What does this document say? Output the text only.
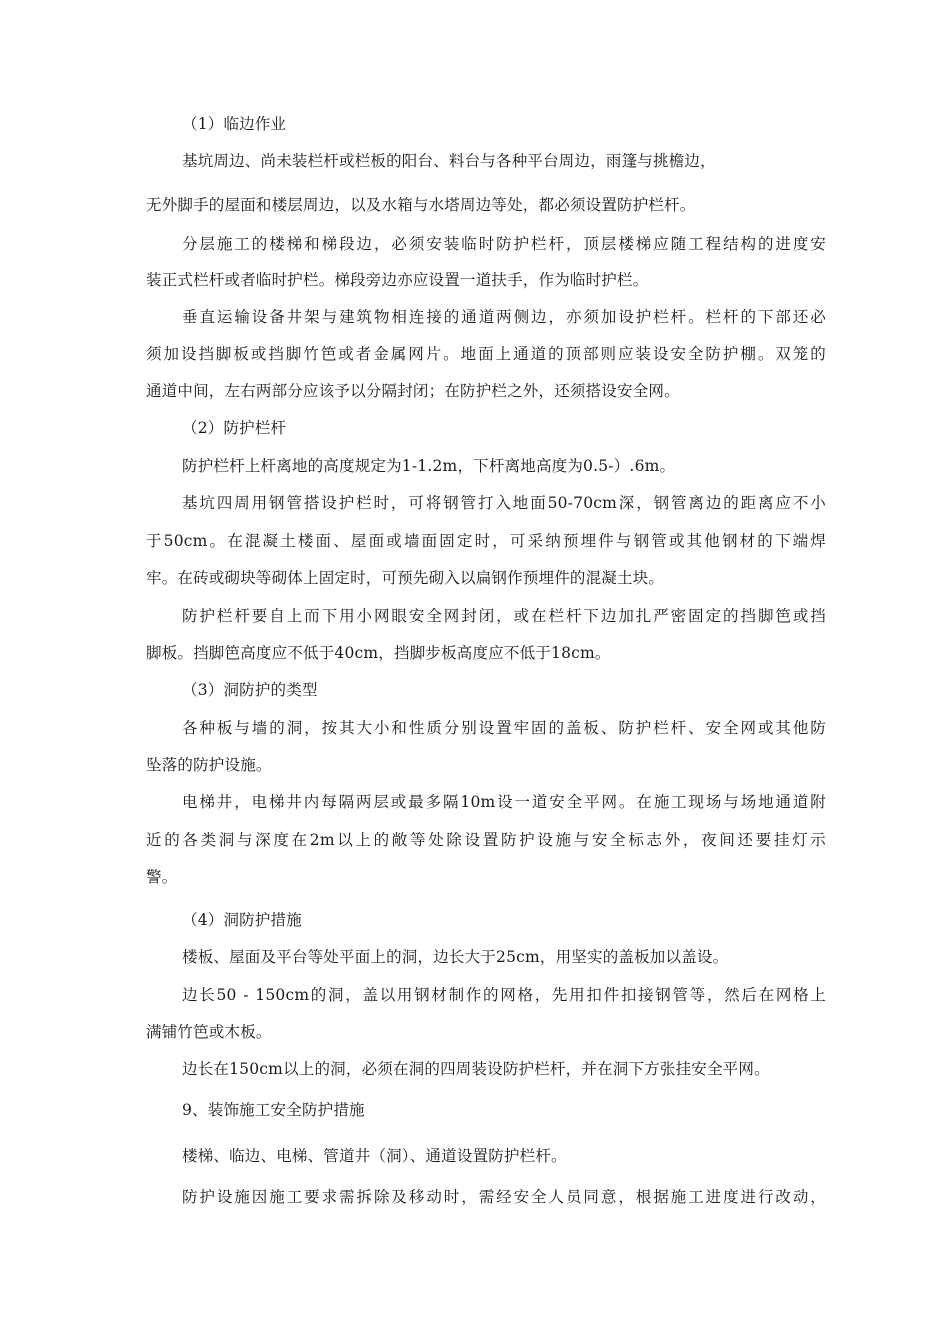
（1）临边作业
基坑周边、尚未装栏杆或栏板的阳台、料台与各种平台周边，雨篷与挑檐边，
无外脚手的屋面和楼层周边，以及水箱与水塔周边等处，都必须设置防护栏杆。
分层施工的楼梯和梯段边，必须安装临时防护栏杆，顶层楼梯应随工程结构的进度安
装正式栏杆或者临时护栏。梯段旁边亦应设置一道扶手，作为临时护栏。
垂直运输设备井架与建筑物相连接的通道两侧边，亦须加设护栏杆。栏杆的下部还必
须加设挡脚板或挡脚竹笆或者金属网片。地面上通道的顶部则应装设安全防护棚。双笼的
通道中间，左右两部分应该予以分隔封闭；在防护栏之外，还须搭设安全网。
（2）防护栏杆
防护栏杆上杆离地的高度规定为1-1.2m，下杆离地高度为0.5-）.6m。
基坑四周用钢管搭设护栏时，可将钢管打入地面50-70cm深，钢管离边的距离应不小
于50cm。在混凝土楼面、屋面或墙面固定时，可采纳预埋件与钢管或其他钢材的下端焊
牢。在砖或砌块等砌体上固定时，可预先砌入以扁钢作预埋件的混凝土块。
防护栏杆要自上而下用小网眼安全网封闭，或在栏杆下边加扎严密固定的挡脚笆或挡
脚板。挡脚笆高度应不低于40cm，挡脚步板高度应不低于18cm。
（3）洞防护的类型
各种板与墙的洞，按其大小和性质分别设置牢固的盖板、防护栏杆、安全网或其他防
坠落的防护设施。
电梯井，电梯井内每隔两层或最多隔10m设一道安全平网。在施工现场与场地通道附
近的各类洞与深度在2m以上的敞等处除设置防护设施与安全标志外，夜间还要挂灯示
警。
（4）洞防护措施
楼板、屋面及平台等处平面上的洞，边长大于25cm，用坚实的盖板加以盖设。
边长50 - 150cm的洞，盖以用钢材制作的网格，先用扣件扣接钢管等，然后在网格上
满铺竹笆或木板。
边长在150cm以上的洞，必须在洞的四周装设防护栏杆，并在洞下方张挂安全平网。
9、装饰施工安全防护措施
楼梯、临边、电梯、管道井（洞）、通道设置防护栏杆。
防护设施因施工要求需拆除及移动时，需经安全人员同意，根据施工进度进行改动，
